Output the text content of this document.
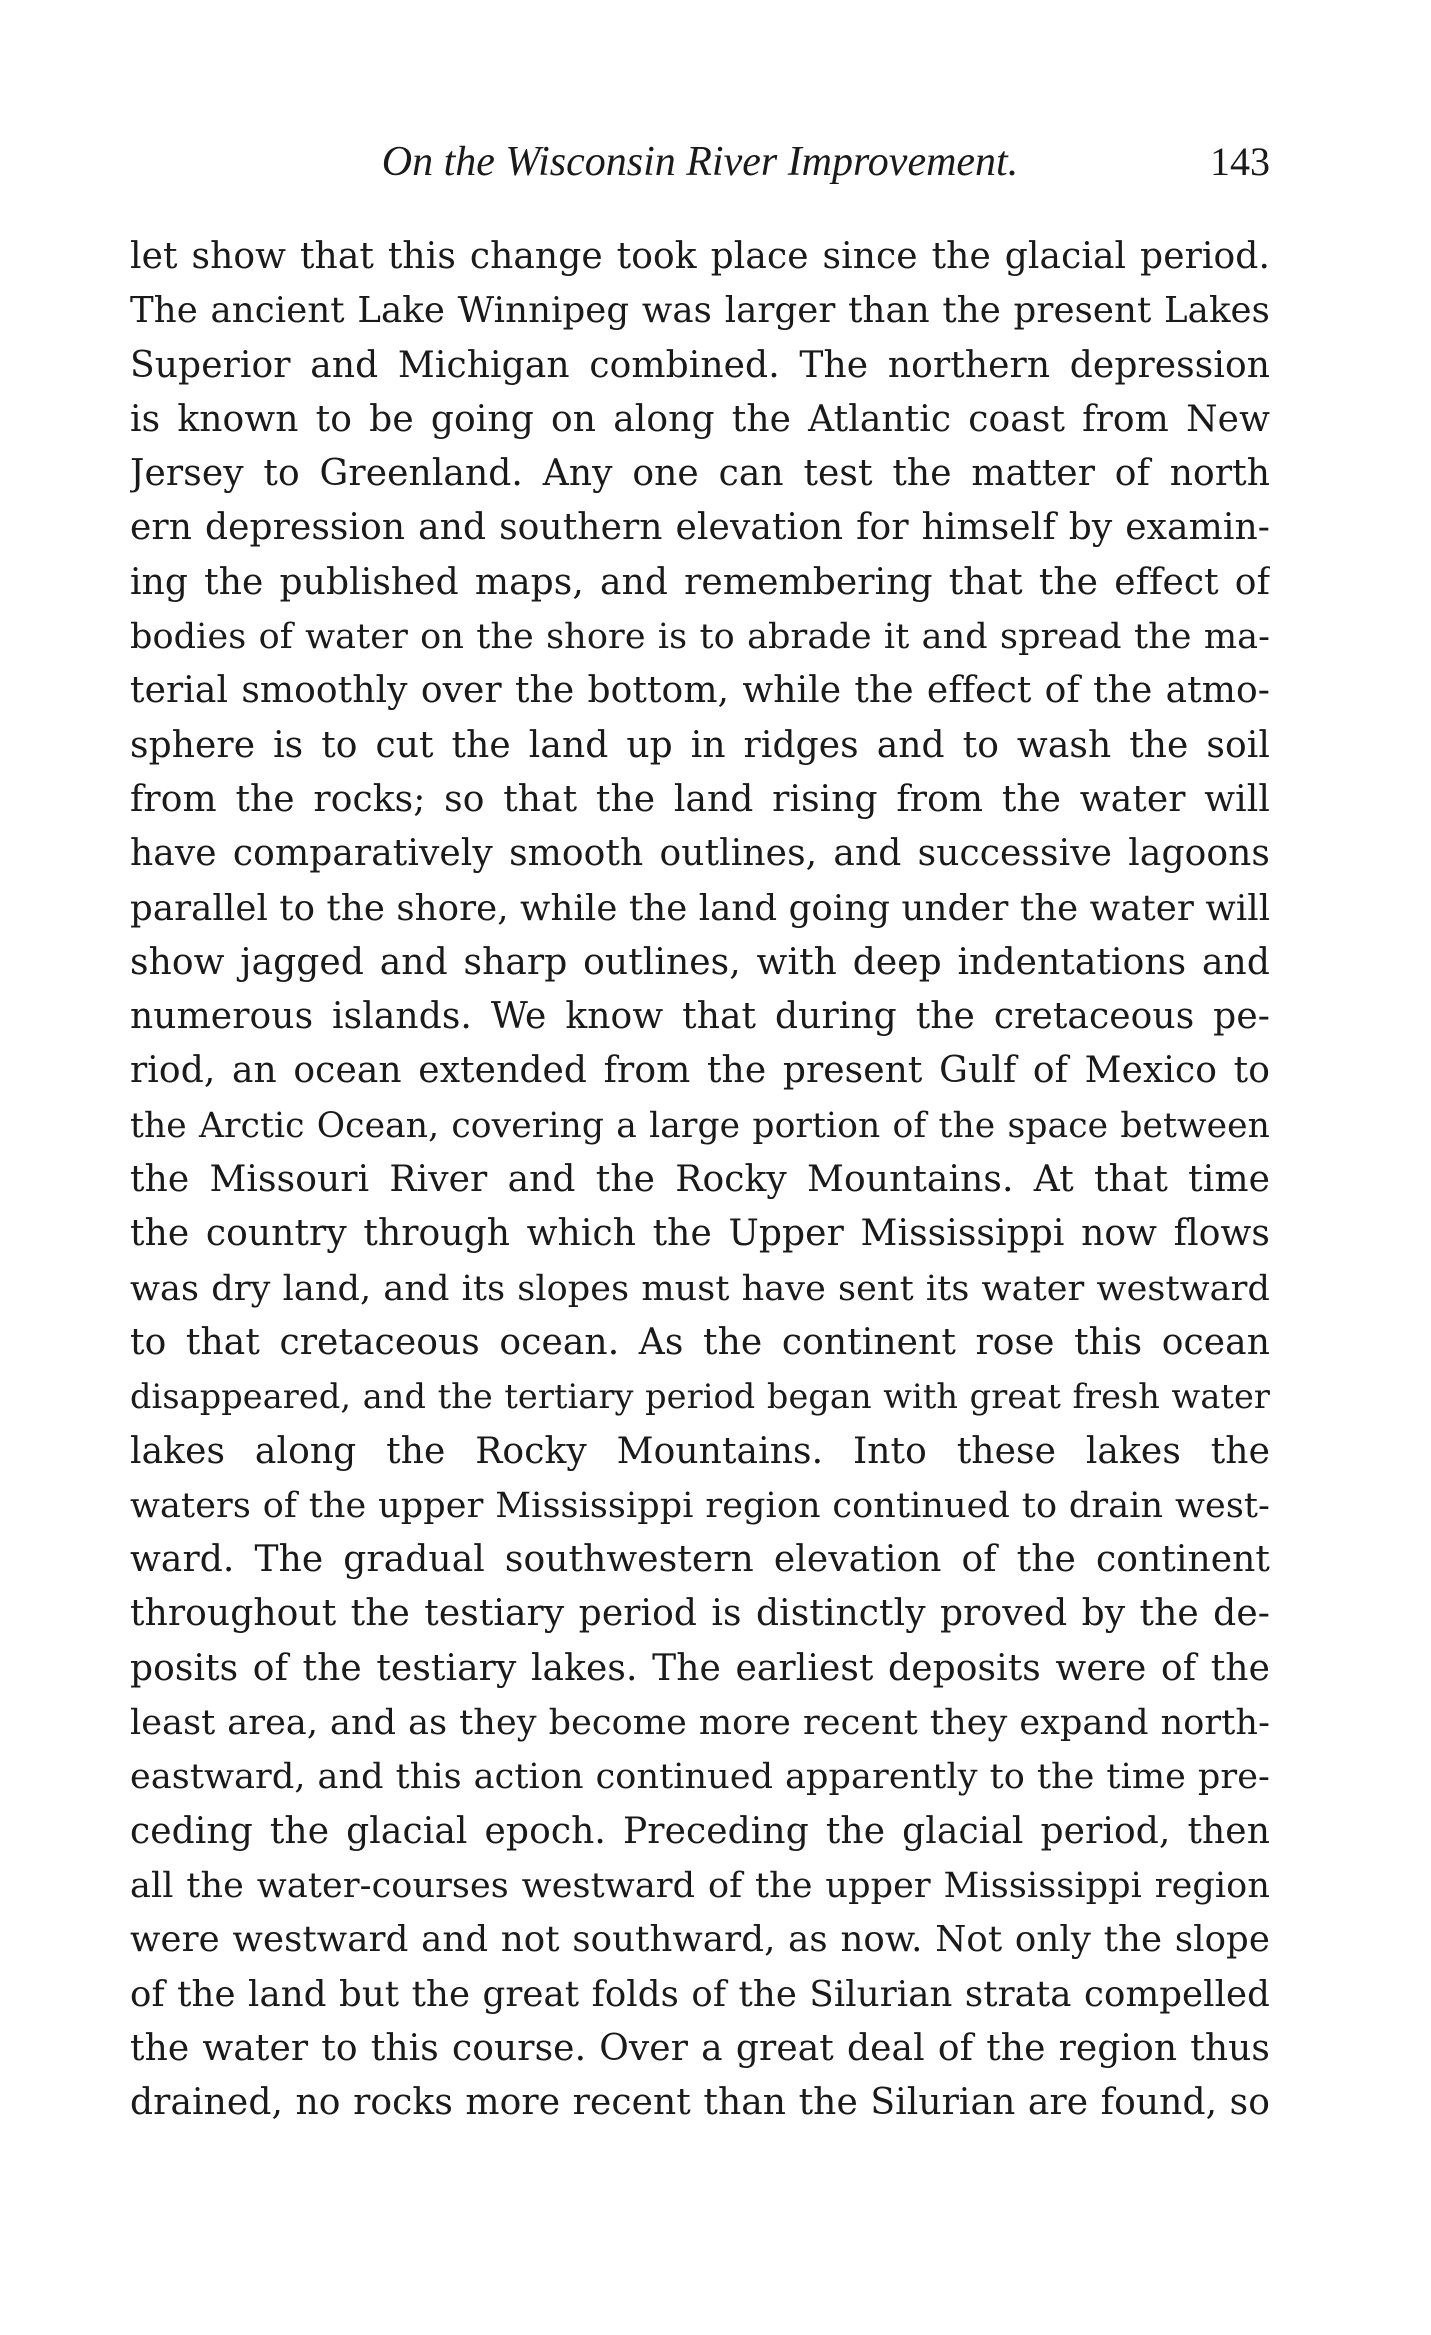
On the Wisconsin River Improvement.	143
let show that this change took place since the glacial period.
The ancient Lake Winnipeg was larger than the present Lakes
Superior and Michigan combined. The northern depression
is known to be going on along the Atlantic coast from New
Jersey to Greenland. Any one can test the matter of north
ern depression and southern elevation for himself by examin-
ing the published maps, and remembering that the effect of
bodies of water on the shore is to abrade it and spread the ma-
terial smoothly over the bottom, while the effect of the atmo-
sphere is to cut the land up in ridges and to wash the soil
from the rocks; so that the land rising from the water will
have comparatively smooth outlines, and successive lagoons
parallel to the shore, while the land going under the water will
show jagged and sharp outlines, with deep indentations and
numerous islands. We know that during the cretaceous pe-
riod, an ocean extended from the present Gulf of Mexico to
the Arctic Ocean, covering a large portion of the space between
the Missouri River and the Rocky Mountains. At that time
the country through which the Upper Mississippi now flows
was dry land, and its slopes must have sent its water westward
to that cretaceous ocean. As the continent rose this ocean
disappeared, and the tertiary period began with great fresh water
lakes along the Rocky Mountains. Into these lakes the
waters of the upper Mississippi region continued to drain west-
ward. The gradual southwestern elevation of the continent
throughout the testiary period is distinctly proved by the de-
posits of the testiary lakes. The earliest deposits were of the
least area, and as they become more recent they expand north-
eastward, and this action continued apparently to the time pre-
ceding the glacial epoch. Preceding the glacial period, then
all the water-courses westward of the upper Mississippi region
were westward and not southward, as now. Not only the slope
of the land but the great folds of the Silurian strata compelled
the water to this course. Over a great deal of the region thus
drained, no rocks more recent than the Silurian are found, so
